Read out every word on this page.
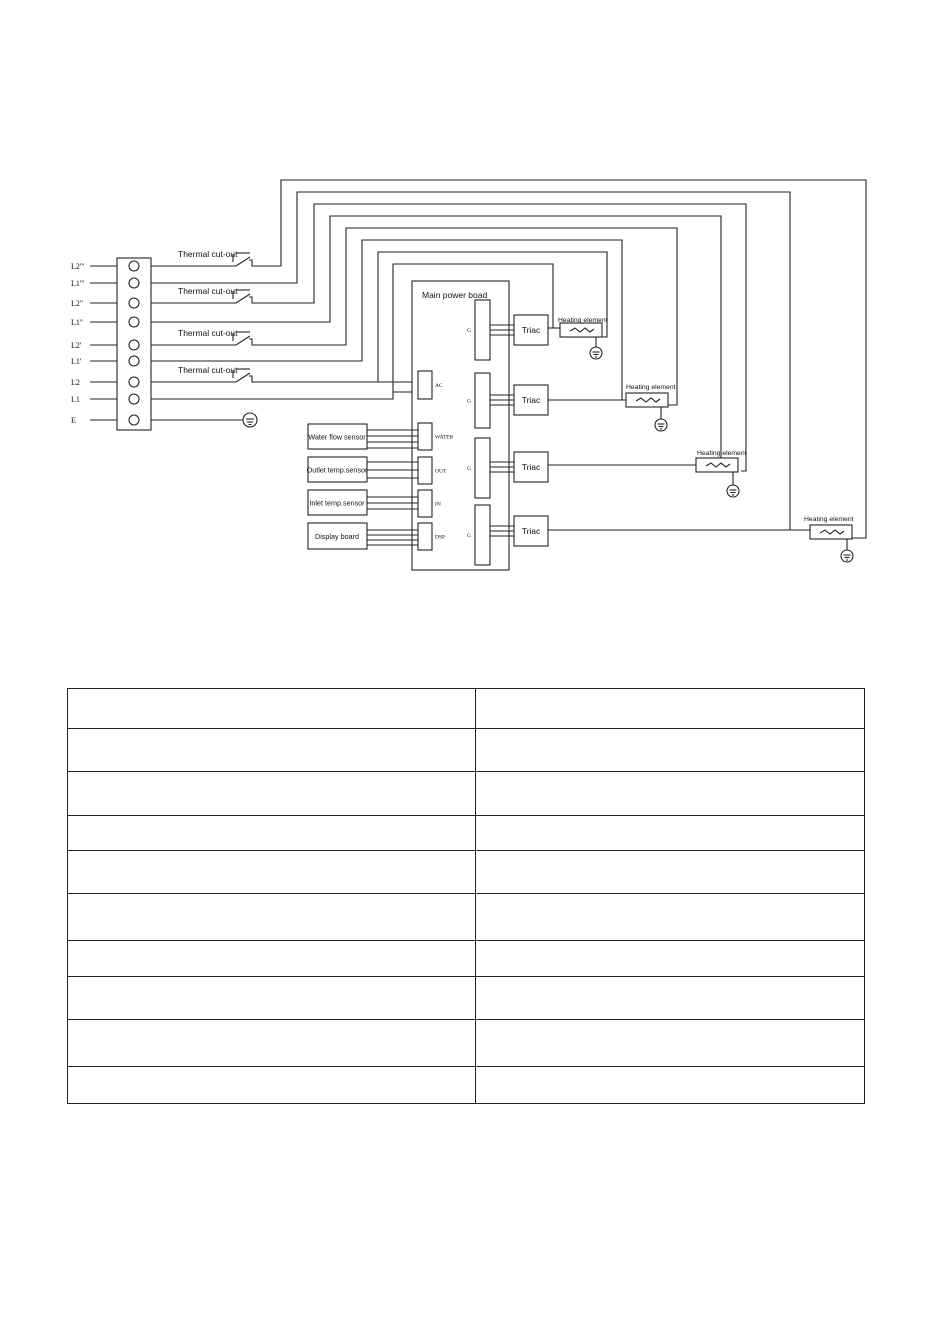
L2'''
L1'''
L2''
L1''
L2'
L1'
L2
L1
E
Thermal cut-out
Thermal cut-out
Thermal cut-out
Thermal cut-out
Main power boad
AC
WATER
OUT
IN
DSP
Water flow sensor
Outlet temp.sensor
Inlet temp.sensor
Display board
G	Triac
Heating element
G	Triac
Heating element
G	Triac
Heating element
G	Triac
Heating element
